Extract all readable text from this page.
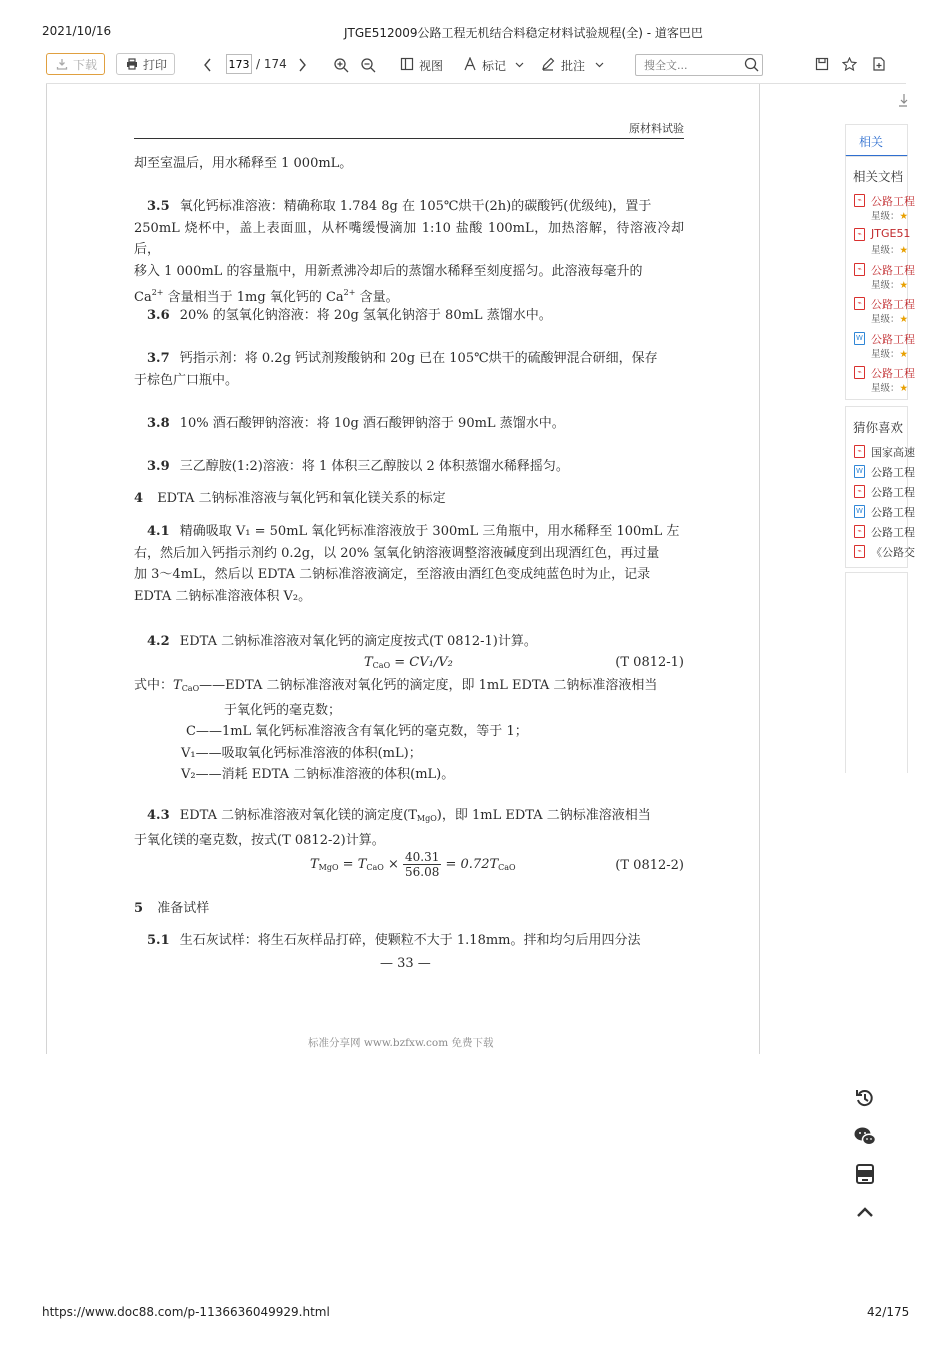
2021/10/16	JTGE512009公路工程无机结合料稳定材料试验规程(全) - 道客巴巴
下载	打印
173	/ 174	视图	标记	批注
搜全文...
原材料试验
却至室温后，用水稀释至 1 000mL。
3.5 氧化钙标准溶液：精确称取 1.784 8g 在 105℃烘干(2h)的碳酸钙(优级纯)，置于
250mL 烧杯中，盖上表面皿，从杯嘴缓慢滴加 1:10 盐酸 100mL，加热溶解，待溶液冷却后，
移入 1 000mL 的容量瓶中，用新煮沸冷却后的蒸馏水稀释至刻度摇匀。此溶液每毫升的
$Ca^{2+}$ 含量相当于 1mg 氧化钙的 $Ca^{2+}$ 含量。
3.6 20% 的氢氧化钠溶液：将 20g 氢氧化钠溶于 80mL 蒸馏水中。
3.7 钙指示剂：将 0.2g 钙试剂羧酸钠和 20g 已在 105℃烘干的硫酸钾混合研细，保存
于棕色广口瓶中。
3.8 10% 酒石酸钾钠溶液：将 10g 酒石酸钾钠溶于 90mL 蒸馏水中。
3.9 三乙醇胺(1:2)溶液：将 1 体积三乙醇胺以 2 体积蒸馏水稀释摇匀。
4 EDTA 二钠标准溶液与氧化钙和氧化镁关系的标定
4.1 精确吸取 V₁ = 50mL 氧化钙标准溶液放于 300mL 三角瓶中，用水稀释至 100mL 左
右，然后加入钙指示剂约 0.2g，以 20% 氢氧化钠溶液调整溶液碱度到出现酒红色，再过量
加 3～4mL，然后以 EDTA 二钠标准溶液滴定，至溶液由酒红色变成纯蓝色时为止，记录
EDTA 二钠标准溶液体积 V₂。
4.2 EDTA 二钠标准溶液对氧化钙的滴定度按式(T 0812-1)计算。
$T_{CaO} = CV_1/V_2$	(T 0812-1)
式中：$T_{CaO}——EDTA$ 二钠标准溶液对氧化钙的滴定度，即 1mL EDTA 二钠标准溶液相当
于氧化钙的毫克数；
C——1mL 氧化钙标准溶液含有氧化钙的毫克数，等于 1；
V₁——吸取氧化钙标准溶液的体积(mL)；
V₂——消耗 EDTA 二钠标准溶液的体积(mL)。
4.3 EDTA 二钠标准溶液对氧化镁的滴定度$(T_{MgO})$，即 1mL EDTA 二钠标准溶液相当
于氧化镁的毫克数，按式(T 0812-2)计算。
$T_{MgO} = T_{CaO} \times \frac{40.31}{56.08} = 0.72T_{CaO}$	(T 0812-2)
5 准备试样
5.1 生石灰试样：将生石灰样品打碎，使颗粒不大于 1.18mm。拌和均匀后用四分法
— 33 —
标准分享网 www.bzfxw.com 免费下载
相关
相关文档
⌁ 公路工程
星级：★
⌁ JTGE51
星级：★
⌁ 公路工程
星级：★
⌁ 公路工程
星级：★
W 公路工程
星级：★
⌁ 公路工程
星级：★
猜你喜欢
⌁ 国家高速
W 公路工程
⌁ 公路工程
W 公路工程
⌁ 公路工程
⌁ 《公路交
https://www.doc88.com/p-1136636049929.html	42/175
